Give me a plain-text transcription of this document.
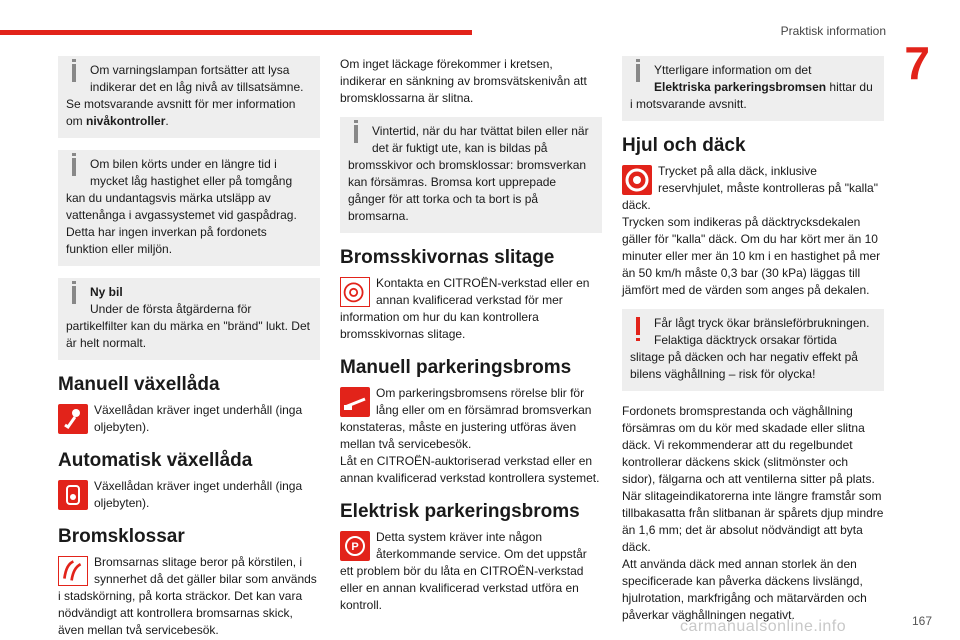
Praktisk information
7

Om varningslampan fortsätter att lysa

indikerar det en låg nivå av tillsatsämne.

Se motsvarande avsnitt för mer information

om nivåkontroller.

Om bilen körts under en längre tid i

mycket låg hastighet eller på tomgång

kan du undantagsvis märka utsläpp av vattenånga i avgassystemet vid gaspådrag. Detta har ingen inverkan på fordonets funktion eller miljön.

Ny bil

Under de första åtgärderna för

partikelfilter kan du märka en "bränd" lukt. Det är helt normalt.

Manuell växellåda

Växellådan kräver inget underhåll (inga

oljebyten).

Automatisk växellåda

Växellådan kräver inget underhåll (inga

oljebyten).

Bromsklossar

Bromsarnas slitage beror på körstilen, i

synnerhet då det gäller bilar som används

i stadskörning, på korta sträckor. Det kan vara nödvändigt att kontrollera bromsarnas skick, även mellan två servicebesök.

Om inget läckage förekommer i kretsen, indikerar en sänkning av bromsvätskenivån att bromsklossarna är slitna.

Vintertid, när du har tvättat bilen eller när

det är fuktigt ute, kan is bildas på

bromsskivor och bromsklossar: bromsverkan kan försämras. Bromsa kort upprepade gånger för att torka och ta bort is på bromsarna.

Bromsskivornas slitage

Kontakta en CITROËN-verkstad eller en

annan kvalificerad verkstad för mer

information om hur du kan kontrollera bromsskivornas slitage.

Manuell parkeringsbroms

Om parkeringsbromsens rörelse blir för

lång eller om en försämrad bromsverkan

konstateras, måste en justering utföras även mellan två servicebesök.

Låt en CITROËN-auktoriserad verkstad eller en annan kvalificerad verkstad kontrollera systemet.

Elektrisk parkeringsbroms
P

Detta system kräver inte någon

återkommande service. Om det uppstår

ett problem bör du låta en CITROËN-verkstad eller en annan kvalificerad verkstad utföra en kontroll.

Ytterligare information om det

Elektriska parkeringsbromsen hittar du

i motsvarande avsnitt.

Hjul och däck

Trycket på alla däck, inklusive

reservhjulet, måste kontrolleras på "kalla"

däck.

Trycken som indikeras på däcktrycksdekalen gäller för "kalla" däck. Om du har kört mer än 10 minuter eller mer än 10 km i en hastighet på mer än 50 km/h måste 0,3 bar (30 kPa) läggas till jämfört med de värden som anges på dekalen.

Får lågt tryck ökar bränsleförbrukningen.

Felaktiga däcktryck orsakar förtida

slitage på däcken och har negativ effekt på bilens väghållning – risk för olycka!

Fordonets bromsprestanda och väghållning försämras om du kör med skadade eller slitna däck. Vi rekommenderar att du regelbundet kontrollerar däckens skick (slitmönster och sidor), fälgarna och att ventilerna sitter på plats.

När slitageindikatorerna inte längre framstår som tillbakasatta från slitbanan är spårets djup mindre än 1,6 mm; det är absolut nödvändigt att byta däck.

Att använda däck med annan storlek än den specificerade kan påverka däckens livslängd, hjulrotation, markfrigång och mätarvärden och påverkar väghållningen negativt.

carmanualsonline.info	167
